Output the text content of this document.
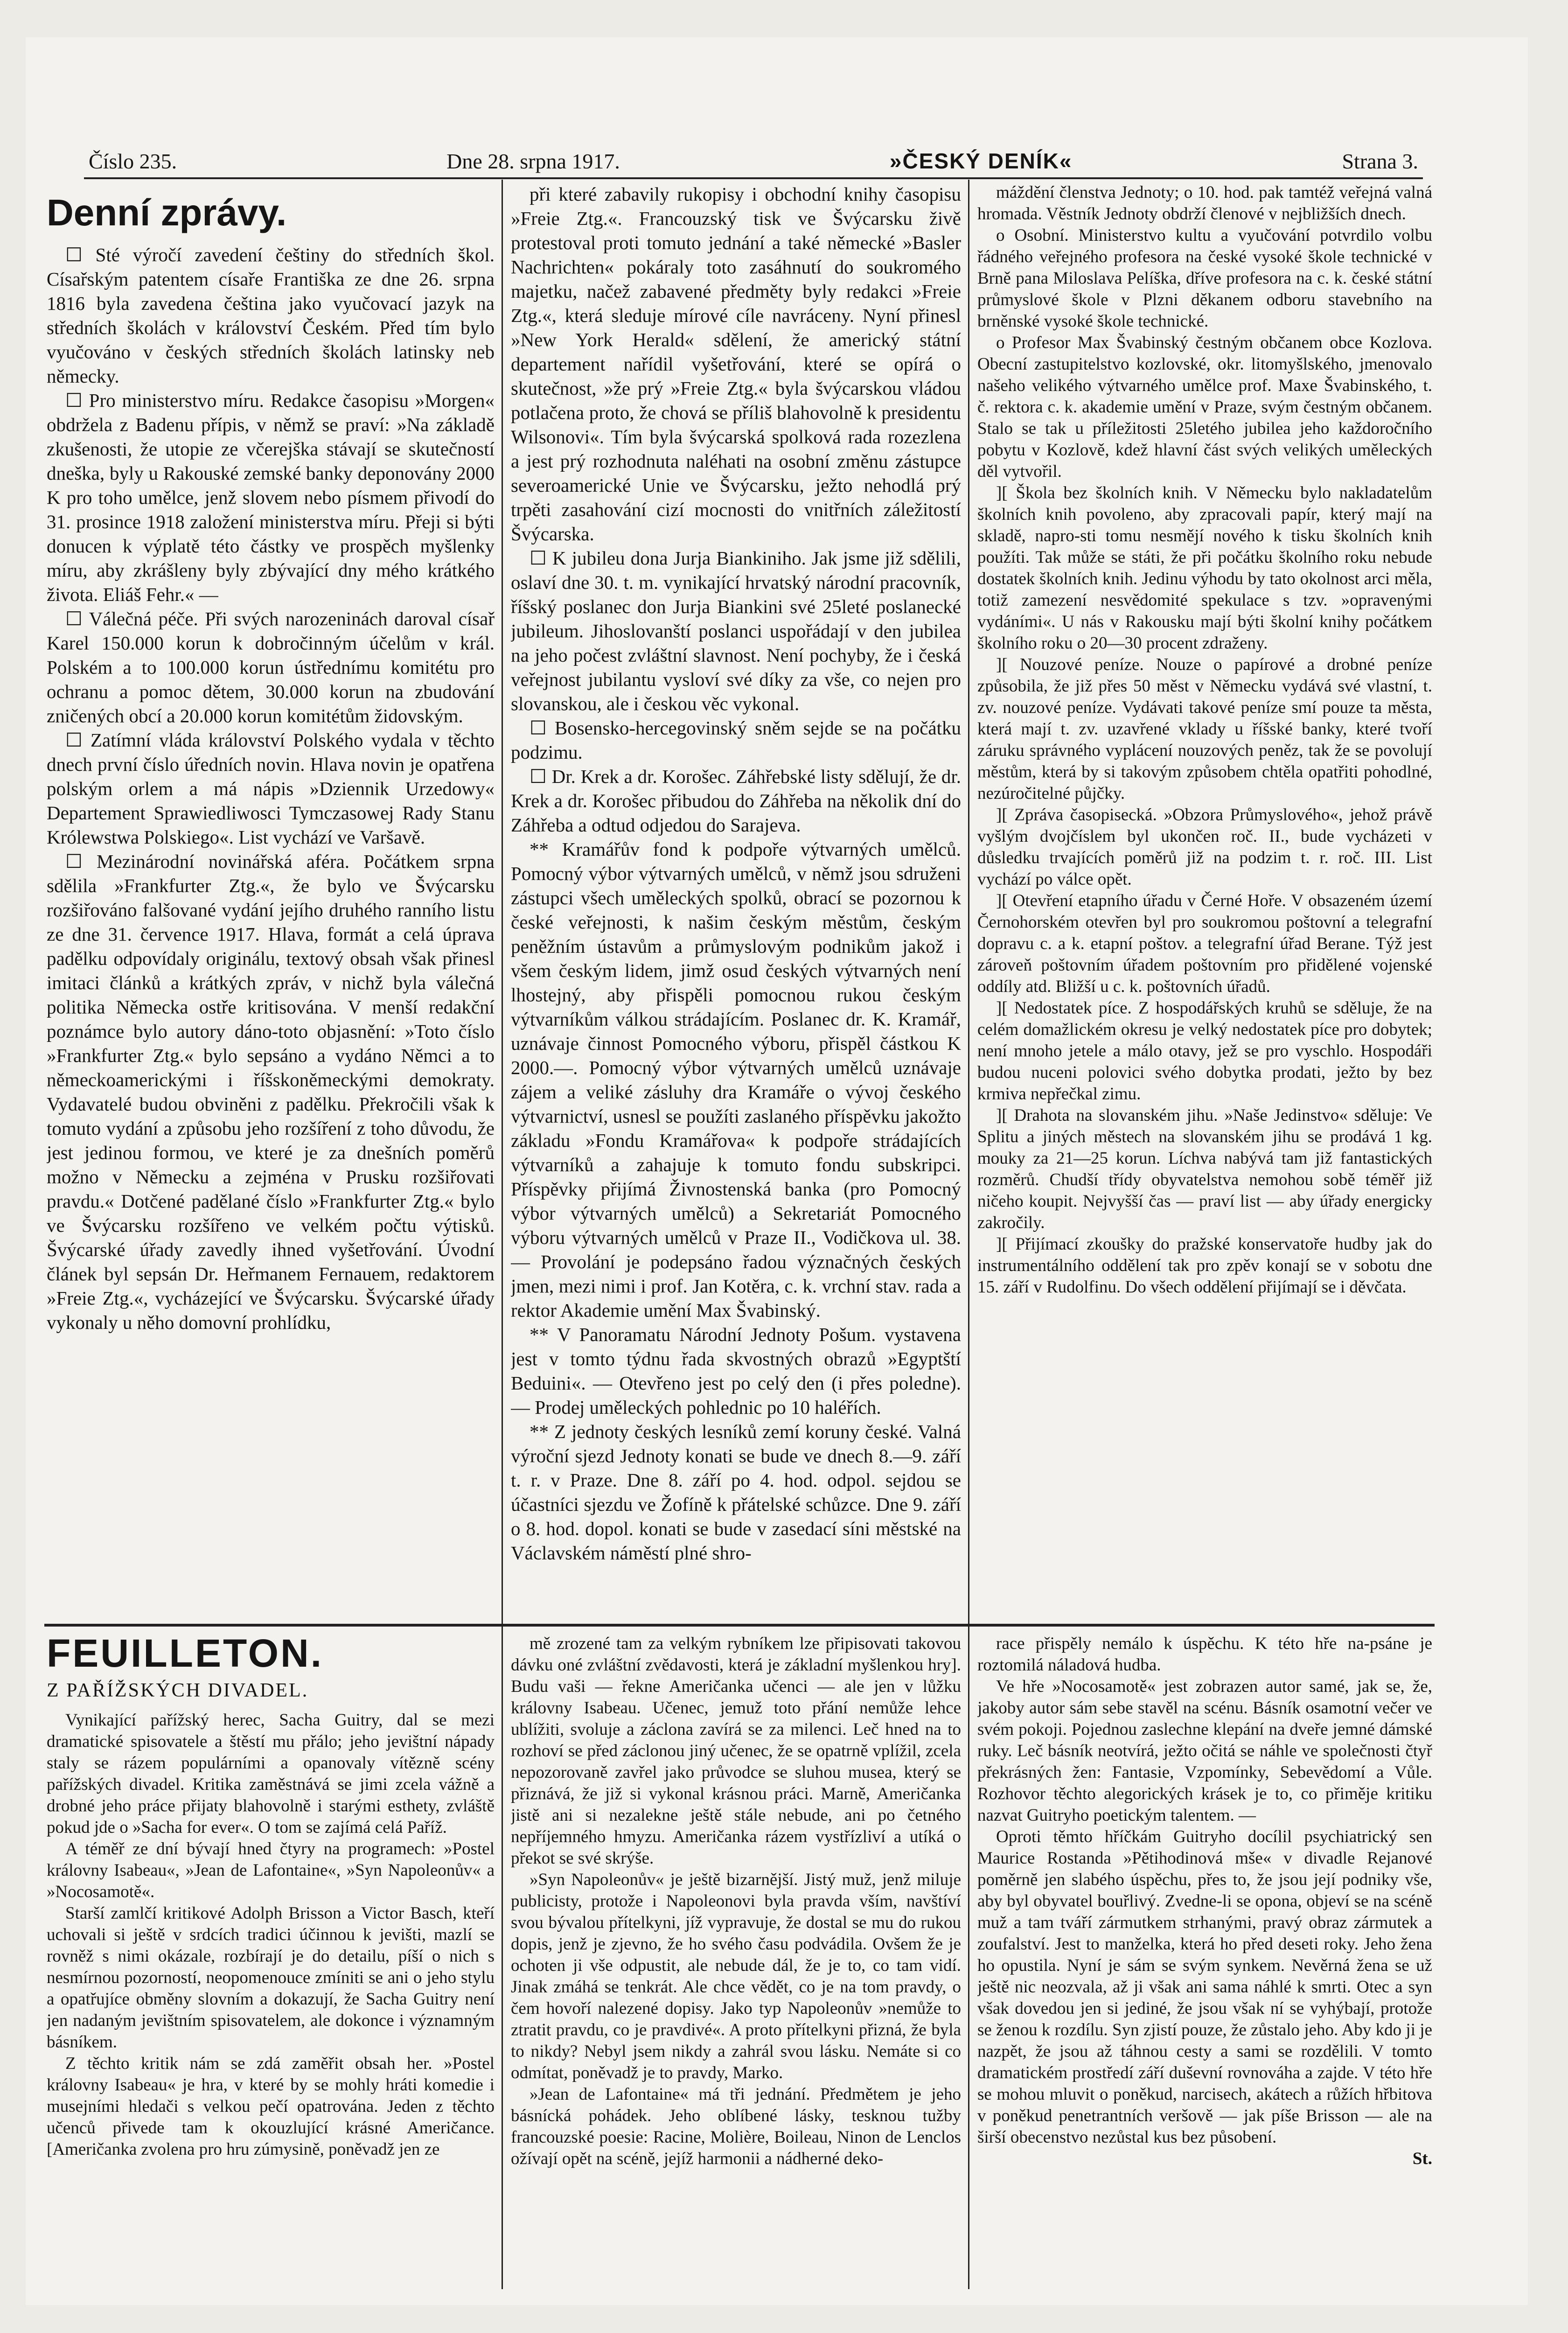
Číslo 235.	Dne 28. srpna 1917.	»ČESKÝ DENÍK«	Strana 3.
Denní zprávy.

☐ Sté výročí zavedení češtiny do středních škol. Císařským patentem císaře Františka ze dne 26. srpna 1816 byla zavedena čeština jako vyučovací jazyk na středních školách v království Českém. Před tím bylo vyučováno v českých středních školách latinsky neb německy.

☐ Pro ministerstvo míru. Redakce časopisu »Morgen« obdržela z Badenu přípis, v němž se praví: »Na základě zkušenosti, že utopie ze včerejška stávají se skutečností dneška, byly u Rakouské zemské banky deponovány 2000 K pro toho umělce, jenž slovem nebo písmem přivodí do 31. prosince 1918 založení ministerstva míru. Přeji si býti donucen k výplatě této částky ve prospěch myšlenky míru, aby zkrášleny byly zbývající dny mého krátkého života. Eliáš Fehr.« —

☐ Válečná péče. Při svých narozeninách daroval císař Karel 150.000 korun k dobročinným účelům v král. Polském a to 100.000 korun ústřednímu komitétu pro ochranu a pomoc dětem, 30.000 korun na zbudování zničených obcí a 20.000 korun komitétům židovským.

☐ Zatímní vláda království Polského vydala v těchto dnech první číslo úředních novin. Hlava novin je opatřena polským orlem a má nápis »Dziennik Urzedowy« Departement Sprawiedliwosci Tymczasowej Rady Stanu Królewstwa Polskiego«. List vychází ve Varšavě.

☐ Mezinárodní novinářská aféra. Počátkem srpna sdělila »Frankfurter Ztg.«, že bylo ve Švýcarsku rozšiřováno falšované vydání jejího druhého ranního listu ze dne 31. července 1917. Hlava, formát a celá úprava padělku odpovídaly originálu, textový obsah však přinesl imitaci článků a krátkých zpráv, v nichž byla válečná politika Německa ostře kritisována. V menší redakční poznámce bylo autory dáno-toto objasnění: »Toto číslo »Frankfurter Ztg.« bylo sepsáno a vydáno Němci a to německoamerickými i říšskoněmeckými demokraty. Vydavatelé budou obviněni z padělku. Překročili však k tomuto vydání a způsobu jeho rozšíření z toho důvodu, že jest jedinou formou, ve které je za dnešních poměrů možno v Německu a zejména v Prusku rozšiřovati pravdu.« Dotčené padělané číslo »Frankfurter Ztg.« bylo ve Švýcarsku rozšířeno ve velkém počtu výtisků. Švýcarské úřady zavedly ihned vyšetřování. Úvodní článek byl sepsán Dr. Heřmanem Fernauem, redaktorem »Freie Ztg.«, vycházející ve Švýcarsku. Švýcarské úřady vykonaly u něho domovní prohlídku,

při které zabavily rukopisy i obchodní knihy časopisu »Freie Ztg.«. Francouzský tisk ve Švýcarsku živě protestoval proti tomuto jednání a také německé »Basler Nachrichten« pokáraly toto zasáhnutí do soukromého majetku, načež zabavené předměty byly redakci »Freie Ztg.«, která sleduje mírové cíle navráceny. Nyní přinesl »New York Herald« sdělení, že americký státní departement nařídil vyšetřování, které se opírá o skutečnost, »že prý »Freie Ztg.« byla švýcarskou vládou potlačena proto, že chová se příliš blahovolně k presidentu Wilsonovi«. Tím byla švýcarská spolková rada rozezlena a jest prý rozhodnuta naléhati na osobní změnu zástupce severoamerické Unie ve Švýcarsku, ježto nehodlá prý trpěti zasahování cizí mocnosti do vnitřních záležitostí Švýcarska.

☐ K jubileu dona Jurja Biankiniho. Jak jsme již sdělili, oslaví dne 30. t. m. vynikající hrvatský národní pracovník, říšský poslanec don Jurja Biankini své 25leté poslanecké jubileum. Jihoslovanští poslanci uspořádají v den jubilea na jeho počest zvláštní slavnost. Není pochyby, že i česká veřejnost jubilantu vysloví své díky za vše, co nejen pro slovanskou, ale i českou věc vykonal.

☐ Bosensko-hercegovinský sněm sejde se na počátku podzimu.

☐ Dr. Krek a dr. Korošec. Záhřebské listy sdělují, že dr. Krek a dr. Korošec přibudou do Záhřeba na několik dní do Záhřeba a odtud odjedou do Sarajeva.

** Kramářův fond k podpoře výtvarných umělců. Pomocný výbor výtvarných umělců, v němž jsou sdruženi zástupci všech uměleckých spolků, obrací se pozornou k české veřejnosti, k našim českým městům, českým peněžním ústavům a průmyslovým podnikům jakož i všem českým lidem, jimž osud českých výtvarných není lhostejný, aby přispěli pomocnou rukou českým výtvarníkům válkou strádajícím. Poslanec dr. K. Kramář, uznávaje činnost Pomocného výboru, přispěl částkou K 2000.—. Pomocný výbor výtvarných umělců uznávaje zájem a veliké zásluhy dra Kramáře o vývoj českého výtvarnictví, usnesl se použíti zaslaného příspěvku jakožto základu »Fondu Kramářova« k podpoře strádajících výtvarníků a zahajuje k tomuto fondu subskripci. Příspěvky přijímá Živnostenská banka (pro Pomocný výbor výtvarných umělců) a Sekretariát Pomocného výboru výtvarných umělců v Praze II., Vodičkova ul. 38. — Provolání je podepsáno řadou význačných českých jmen, mezi nimi i prof. Jan Kotěra, c. k. vrchní stav. rada a rektor Akademie umění Max Švabinský.

** V Panoramatu Národní Jednoty Pošum. vystavena jest v tomto týdnu řada skvostných obrazů »Egyptští Beduini«. — Otevřeno jest po celý den (i přes poledne). — Prodej uměleckých pohlednic po 10 haléřích.

** Z jednoty českých lesníků zemí koruny české. Valná výroční sjezd Jednoty konati se bude ve dnech 8.—9. září t. r. v Praze. Dne 8. září po 4. hod. odpol. sejdou se účastníci sjezdu ve Žofíně k přátelské schůzce. Dne 9. září o 8. hod. dopol. konati se bude v zasedací síni městské na Václavském náměstí plné shro-

máždění členstva Jednoty; o 10. hod. pak tamtéž veřejná valná hromada. Věstník Jednoty obdrží členové v nejbližších dnech.

o Osobní. Ministerstvo kultu a vyučování potvrdilo volbu řádného veřejného profesora na české vysoké škole technické v Brně pana Miloslava Pelíška, dříve profesora na c. k. české státní průmyslové škole v Plzni děkanem odboru stavebního na brněnské vysoké škole technické.

o Profesor Max Švabinský čestným občanem obce Kozlova. Obecní zastupitelstvo kozlovské, okr. litomyšlského, jmenovalo našeho velikého výtvarného umělce prof. Maxe Švabinského, t. č. rektora c. k. akademie umění v Praze, svým čestným občanem. Stalo se tak u příležitosti 25letého jubilea jeho každoročního pobytu v Kozlově, kdež hlavní část svých velikých uměleckých děl vytvořil.

][ Škola bez školních knih. V Německu bylo nakladatelům školních knih povoleno, aby zpracovali papír, který mají na skladě, napro-sti tomu nesmějí nového k tisku školních knih použíti. Tak může se státi, že při počátku školního roku nebude dostatek školních knih. Jedinu výhodu by tato okolnost arci měla, totiž zamezení nesvědomité spekulace s tzv. »opravenými vydáními«. U nás v Rakousku mají býti školní knihy počátkem školního roku o 20—30 procent zdraženy.

][ Nouzové peníze. Nouze o papírové a drobné peníze způsobila, že již přes 50 měst v Německu vydává své vlastní, t. zv. nouzové peníze. Vydávati takové peníze smí pouze ta města, která mají t. zv. uzavřené vklady u říšské banky, které tvoří záruku správného vyplácení nouzových peněz, tak že se povolují městům, která by si takovým způsobem chtěla opatřiti pohodlné, nezúročitelné půjčky.

][ Zpráva časopisecká. »Obzora Průmyslového«, jehož právě vyšlým dvojčíslem byl ukončen roč. II., bude vycházeti v důsledku trvajících poměrů již na podzim t. r. roč. III. List vychází po válce opět.

][ Otevření etapního úřadu v Černé Hoře. V obsazeném území Černohorském otevřen byl pro soukromou poštovní a telegrafní dopravu c. a k. etapní poštov. a telegrafní úřad Berane. Týž jest zároveň poštovním úřadem poštovním pro přidělené vojenské oddíly atd. Bližší u c. k. poštovních úřadů.

][ Nedostatek píce. Z hospodářských kruhů se sděluje, že na celém domažlickém okresu je velký nedostatek píce pro dobytek; není mnoho jetele a málo otavy, jež se pro vyschlo. Hospodáři budou nuceni polovici svého dobytka prodati, ježto by bez krmiva nepřečkal zimu.

][ Drahota na slovanském jihu. »Naše Jedinstvo« sděluje: Ve Splitu a jiných městech na slovanském jihu se prodává 1 kg. mouky za 21—25 korun. Líchva nabývá tam již fantastických rozměrů. Chudší třídy obyvatelstva nemohou sobě téměř již ničeho koupit. Nejvyšší čas — praví list — aby úřady energicky zakročily.

][ Přijímací zkoušky do pražské konservatoře hudby jak do instrumentálního oddělení tak pro zpěv konají se v sobotu dne 15. září v Rudolfinu. Do všech oddělení přijímají se i děvčata.

FEUILLETON.

Z PAŘÍŽSKÝCH DIVADEL.

Vynikající pařížský herec, Sacha Guitry, dal se mezi dramatické spisovatele a štěstí mu přálo; jeho jevištní nápady staly se rázem populárními a opanovaly vítězně scény pařížských divadel. Kritika zaměstnává se jimi zcela vážně a drobné jeho práce přijaty blahovolně i starými esthety, zvláště pokud jde o »Sacha for ever«. O tom se zajímá celá Paříž.

A téměř ze dní bývají hned čtyry na programech: »Postel královny Isabeau«, »Jean de Lafontaine«, »Syn Napoleonův« a »Nocosamotě«.

Starší zamlčí kritikové Adolph Brisson a Victor Basch, kteří uchovali si ještě v srdcích tradici účinnou k jevišti, mazlí se rovněž s nimi okázale, rozbírají je do detailu, píší o nich s nesmírnou pozorností, neopomenouce zmíniti se ani o jeho stylu a opatřujíce obměny slovním a dokazují, že Sacha Guitry není jen nadaným jevištním spisovatelem, ale dokonce i významným básníkem.

Z těchto kritik nám se zdá zaměřit obsah her. »Postel královny Isabeau« je hra, v které by se mohly hráti komedie i musejními hledači s velkou pečí opatrována. Jeden z těchto učenců přivede tam k okouzlující krásné Američance. [Američanka zvolena pro hru zúmysině, poněvadž jen ze

mě zrozené tam za velkým rybníkem lze připisovati takovou dávku oné zvláštní zvědavosti, která je základní myšlenkou hry]. Budu vaši — řekne Američanka učenci — ale jen v lůžku královny Isabeau. Učenec, jemuž toto přání nemůže lehce ublížiti, svoluje a záclona zavírá se za milenci. Leč hned na to rozhoví se před záclonou jiný učenec, že se opatrně vplížil, zcela nepozorovaně zavřel jako průvodce se sluhou musea, který se přiznává, že již si vykonal krásnou práci. Marně, Američanka jistě ani si nezalekne ještě stále nebude, ani po četného nepříjemného hmyzu. Američanka rázem vystřízliví a utíká o překot se své skrýše.

»Syn Napoleonův« je ještě bizarnější. Jistý muž, jenž miluje publicisty, protože i Napoleonovi byla pravda vším, navštíví svou bývalou přítelkyni, jíž vypravuje, že dostal se mu do rukou dopis, jenž je zjevno, že ho svého času podvádila. Ovšem že je ochoten ji vše odpustit, ale nebude dál, že je to, co tam vidí. Jinak zmáhá se tenkrát. Ale chce vědět, co je na tom pravdy, o čem hovoří nalezené dopisy. Jako typ Napoleonův »nemůže to ztratit pravdu, co je pravdivé«. A proto přítelkyni přizná, že byla to nikdy? Nebyl jsem nikdy a zahrál svou lásku. Nemáte si co odmítat, poněvadž je to pravdy, Marko.

»Jean de Lafontaine« má tři jednání. Předmětem je jeho básnícká pohádek. Jeho oblíbené lásky, tesknou tužby francouzské poesie: Racine, Molière, Boileau, Ninon de Lenclos ožívají opět na scéně, jejíž harmonii a nádherné deko-

race přispěly nemálo k úspěchu. K této hře na-psáne je roztomilá náladová hudba.

Ve hře »Nocosamotě« jest zobrazen autor samé, jak se, že, jakoby autor sám sebe stavěl na scénu. Básník osamotní večer ve svém pokoji. Pojednou zaslechne klepání na dveře jemné dámské ruky. Leč básník neotvírá, ježto očitá se náhle ve společnosti čtyř překrásných žen: Fantasie, Vzpomínky, Sebevědomí a Vůle. Rozhovor těchto alegorických krásek je to, co přiměje kritiku nazvat Guitryho poetickým talentem. —

Oproti těmto hříčkám Guitryho docílil psychiatrický sen Maurice Rostanda »Pětihodinová mše« v divadle Rejanové poměrně jen slabého úspěchu, přes to, že jsou její podniky vše, aby byl obyvatel bouřlivý. Zvedne-li se opona, objeví se na scéně muž a tam tváří zármutkem strhanými, pravý obraz zármutek a zoufalství. Jest to manželka, která ho před deseti roky. Jeho žena ho opustila. Nyní je sám se svým synkem. Nevěrná žena se už ještě nic neozvala, až ji však ani sama náhlé k smrti. Otec a syn však dovedou jen si jediné, že jsou však ní se vyhýbají, protože se ženou k rozdílu. Syn zjistí pouze, že zůstalo jeho. Aby kdo ji je nazpět, že jsou až táhnou cesty a sami se rozdělili. V tomto dramatickém prostředí září duševní rovnováha a zajde. V této hře se mohou mluvit o poněkud, narcisech, akátech a růžích hřbitova v poněkud penetrantních veršově — jak píše Brisson — ale na širší obecenstvo nezůstal kus bez působení.

St.
